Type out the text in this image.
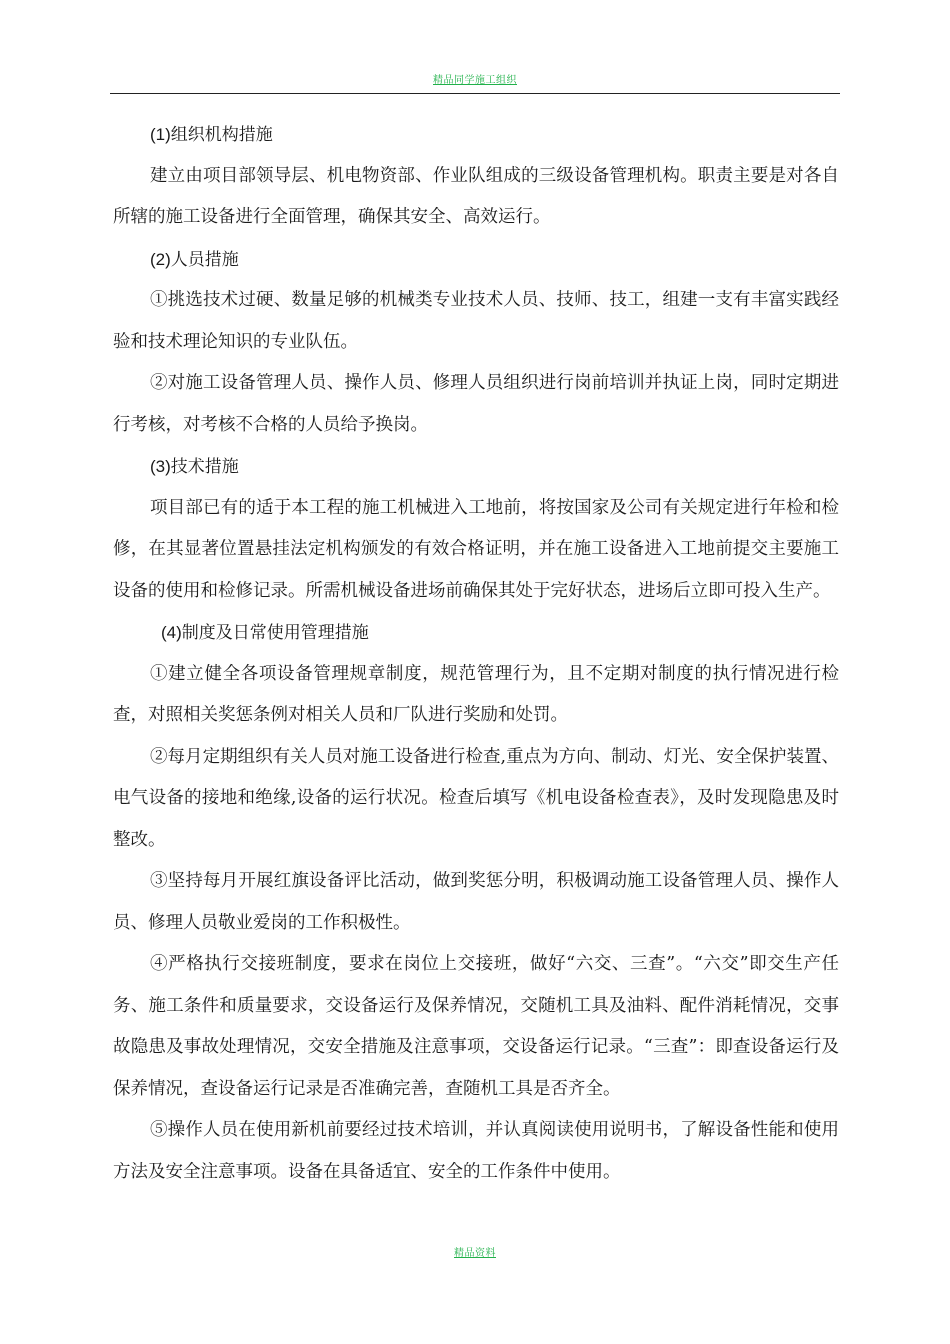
精品同学施工组织

(1)组织机构措施

建立由项目部领导层、机电物资部、作业队组成的三级设备管理机构。职责主要是对各自所辖的施工设备进行全面管理，确保其安全、高效运行。

(2)人员措施

①挑选技术过硬、数量足够的机械类专业技术人员、技师、技工，组建一支有丰富实践经验和技术理论知识的专业队伍。

②对施工设备管理人员、操作人员、修理人员组织进行岗前培训并执证上岗，同时定期进行考核，对考核不合格的人员给予换岗。

(3)技术措施

项目部已有的适于本工程的施工机械进入工地前，将按国家及公司有关规定进行年检和检修，在其显著位置悬挂法定机构颁发的有效合格证明，并在施工设备进入工地前提交主要施工设备的使用和检修记录。所需机械设备进场前确保其处于完好状态，进场后立即可投入生产。

(4)制度及日常使用管理措施

①建立健全各项设备管理规章制度，规范管理行为，且不定期对制度的执行情况进行检查，对照相关奖惩条例对相关人员和厂队进行奖励和处罚。

②每月定期组织有关人员对施工设备进行检查,重点为方向、制动、灯光、安全保护装置、电气设备的接地和绝缘,设备的运行状况。检查后填写《机电设备检查表》，及时发现隐患及时整改。

③坚持每月开展红旗设备评比活动，做到奖惩分明，积极调动施工设备管理人员、操作人员、修理人员敬业爱岗的工作积极性。

④严格执行交接班制度，要求在岗位上交接班，做好“六交、三查”。“六交”即交生产任务、施工条件和质量要求，交设备运行及保养情况，交随机工具及油料、配件消耗情况，交事故隐患及事故处理情况，交安全措施及注意事项，交设备运行记录。“三查”：即查设备运行及保养情况，查设备运行记录是否准确完善，查随机工具是否齐全。

⑤操作人员在使用新机前要经过技术培训，并认真阅读使用说明书，了解设备性能和使用方法及安全注意事项。设备在具备适宜、安全的工作条件中使用。

精品资料
